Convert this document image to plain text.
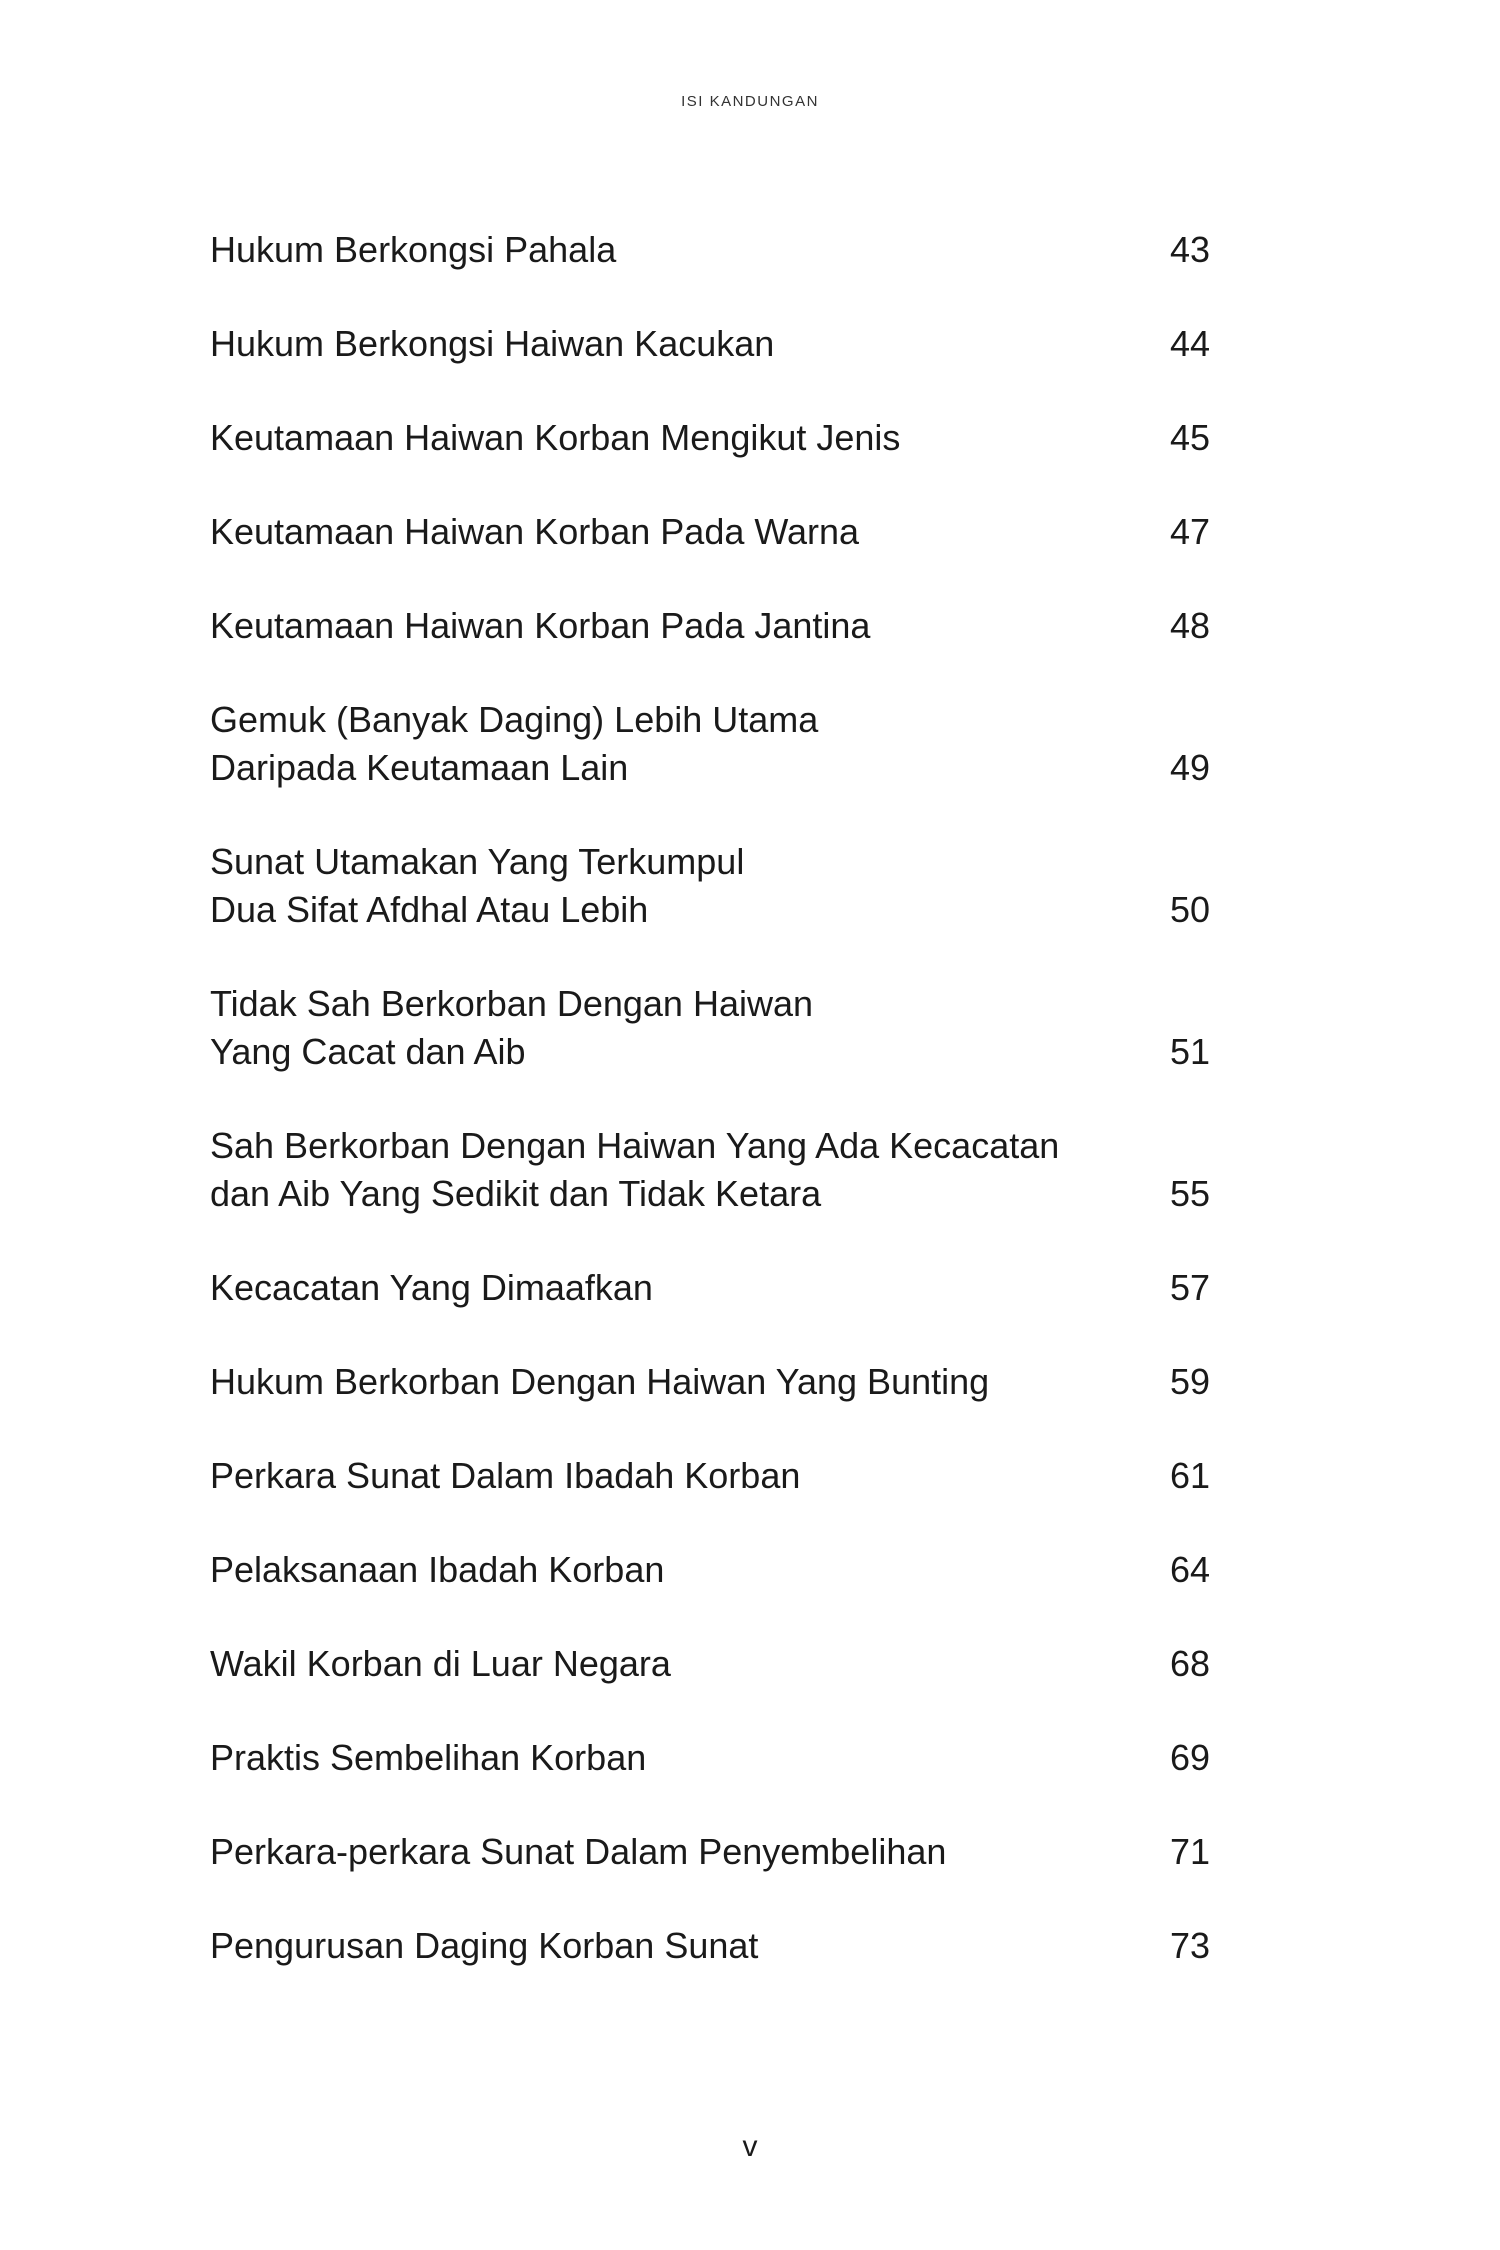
ISI KANDUNGAN
Hukum Berkongsi Pahala	43
Hukum Berkongsi Haiwan Kacukan	44
Keutamaan Haiwan Korban Mengikut Jenis	45
Keutamaan Haiwan Korban Pada Warna	47
Keutamaan Haiwan Korban Pada Jantina	48
Gemuk (Banyak Daging) Lebih Utama
Daripada Keutamaan Lain	49
Sunat Utamakan Yang Terkumpul
Dua Sifat Afdhal Atau Lebih	50
Tidak Sah Berkorban Dengan Haiwan
Yang Cacat dan Aib	51
Sah Berkorban Dengan Haiwan Yang Ada Kecacatan
dan Aib Yang Sedikit dan Tidak Ketara	55
Kecacatan Yang Dimaafkan	57
Hukum Berkorban Dengan Haiwan Yang Bunting	59
Perkara Sunat Dalam Ibadah Korban	61
Pelaksanaan Ibadah Korban	64
Wakil Korban di Luar Negara	68
Praktis Sembelihan Korban	69
Perkara-perkara Sunat Dalam Penyembelihan	71
Pengurusan Daging Korban Sunat	73
v
